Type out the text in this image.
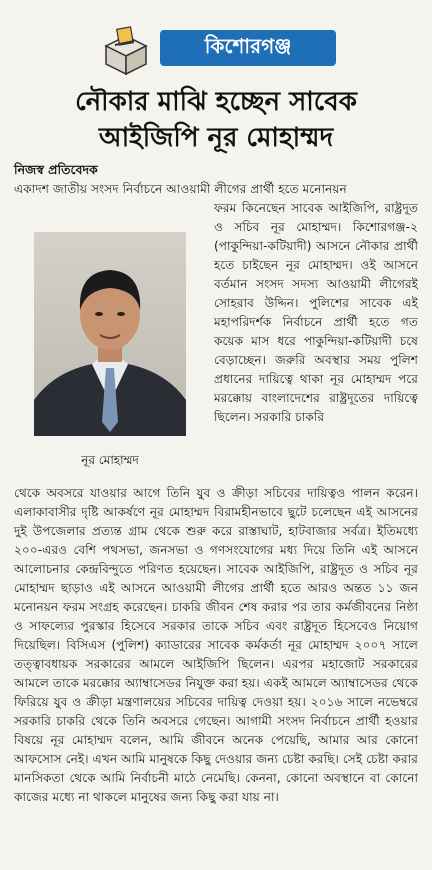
কিশোরগঞ্জ
নৌকার মাঝি হচ্ছেন সাবেক
আইজিপি নূর মোহাম্মদ
নিজস্ব প্রতিবেদক
একাদশ জাতীয় সংসদ নির্বাচনে আওয়ামী লীগের প্রার্থী হতে মনোনয়ন
নূর মোহাম্মদ
ফরম কিনেছেন সাবেক আইজিপি, রাষ্ট্রদূত ও সচিব নূর মোহাম্মদ। কিশোরগঞ্জ-২ (পাকুন্দিয়া-কটিয়াদী) আসনে নৌকার প্রার্থী হতে চাইছেন নূর মোহাম্মদ। ওই আসনে বর্তমান সংসদ সদস্য আওয়ামী লীগেরই সোহরাব উদ্দিন। পুলিশের সাবেক এই মহাপরিদর্শক নির্বাচনে প্রার্থী হতে গত কয়েক মাস ধরে পাকুন্দিয়া-কটিয়াদী চষে বেড়াচ্ছেন। জরুরি অবস্থার সময় পুলিশ প্রধানের দায়িত্বে থাকা নূর মোহাম্মদ পরে মরক্কোয় বাংলাদেশের রাষ্ট্রদূতের দায়িত্বে ছিলেন। সরকারি চাকরি
থেকে অবসরে যাওয়ার আগে তিনি যুব ও ক্রীড়া সচিবের দায়িত্বও পালন করেন। এলাকাবাসীর দৃষ্টি আকর্ষণে নূর মোহাম্মদ বিরামহীনভাবে ছুটে চলেছেন এই আসনের দুই উপজেলার প্রত্যন্ত গ্রাম থেকে শুরু করে রাস্তাঘাট, হাটবাজার সর্বত্র। ইতিমধ্যে ২০০-এরও বেশি পথসভা, জনসভা ও গণসংযোগের মধ্য দিয়ে তিনি এই আসনে আলোচনার কেন্দ্রবিন্দুতে পরিণত হয়েছেন। সাবেক আইজিপি, রাষ্ট্রদূত ও সচিব নূর মোহাম্মদ ছাড়াও এই আসনে আওয়ামী লীগের প্রার্থী হতে আরও অন্তত ১১ জন মনোনয়ন ফরম সংগ্রহ করেছেন। চাকরি জীবন শেষ করার পর তার কর্মজীবনের নিষ্ঠা ও সাফল্যের পুরস্কার হিসেবে সরকার তাকে সচিব এবং রাষ্ট্রদূত হিসেবেও নিয়োগ দিয়েছিল। বিসিএস (পুলিশ) ক্যাডারের সাবেক কর্মকর্তা নূর মোহাম্মদ ২০০৭ সালে তত্ত্বাবধায়ক সরকারের আমলে আইজিপি ছিলেন। এরপর মহাজোট সরকারের আমলে তাকে মরক্কোর অ্যাম্বাসেডর নিযুক্ত করা হয়। একই আমলে অ্যাম্বাসেডর থেকে ফিরিয়ে যুব ও ক্রীড়া মন্ত্রণালয়ের সচিবের দায়িত্ব দেওয়া হয়। ২০১৬ সালে নভেম্বরে সরকারি চাকরি থেকে তিনি অবসরে গেছেন। আগামী সংসদ নির্বাচনে প্রার্থী হওয়ার বিষয়ে নূর মোহাম্মদ বলেন, আমি জীবনে অনেক পেয়েছি, আমার আর কোনো আফসোস নেই। এখন আমি মানুষকে কিছু দেওয়ার জন্য চেষ্টা করছি। সেই চেষ্টা করার মানসিকতা থেকে আমি নির্বাচনী মাঠে নেমেছি। কেননা, কোনো অবস্থানে বা কোনো কাজের মধ্যে না থাকলে মানুষের জন্য কিছু করা যায় না।
